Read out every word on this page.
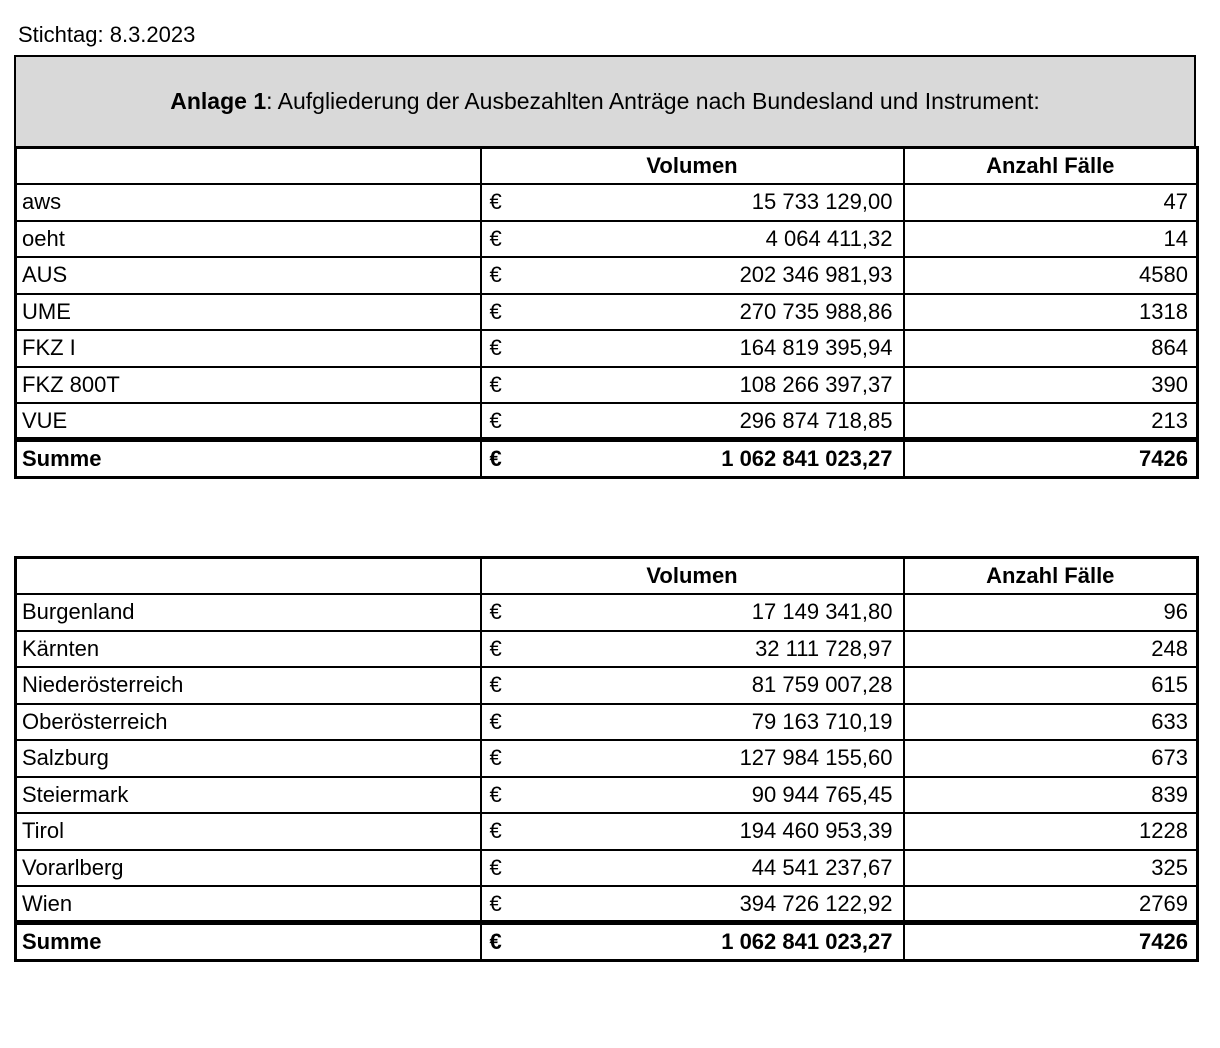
Stichtag: 8.3.2023
Anlage 1: Aufgliederung der Ausbezahlten Anträge nach Bundesland und Instrument:
	Volumen	Anzahl Fälle
aws	€ 15 733 129,00	47
oeht	€ 4 064 411,32	14
AUS	€ 202 346 981,93	4580
UME	€ 270 735 988,86	1318
FKZ I	€ 164 819 395,94	864
FKZ 800T	€ 108 266 397,37	390
VUE	€ 296 874 718,85	213
Summe	€ 1 062 841 023,27	7426
	Volumen	Anzahl Fälle
Burgenland	€ 17 149 341,80	96
Kärnten	€ 32 111 728,97	248
Niederösterreich	€ 81 759 007,28	615
Oberösterreich	€ 79 163 710,19	633
Salzburg	€ 127 984 155,60	673
Steiermark	€ 90 944 765,45	839
Tirol	€ 194 460 953,39	1228
Vorarlberg	€ 44 541 237,67	325
Wien	€ 394 726 122,92	2769
Summe	€ 1 062 841 023,27	7426
